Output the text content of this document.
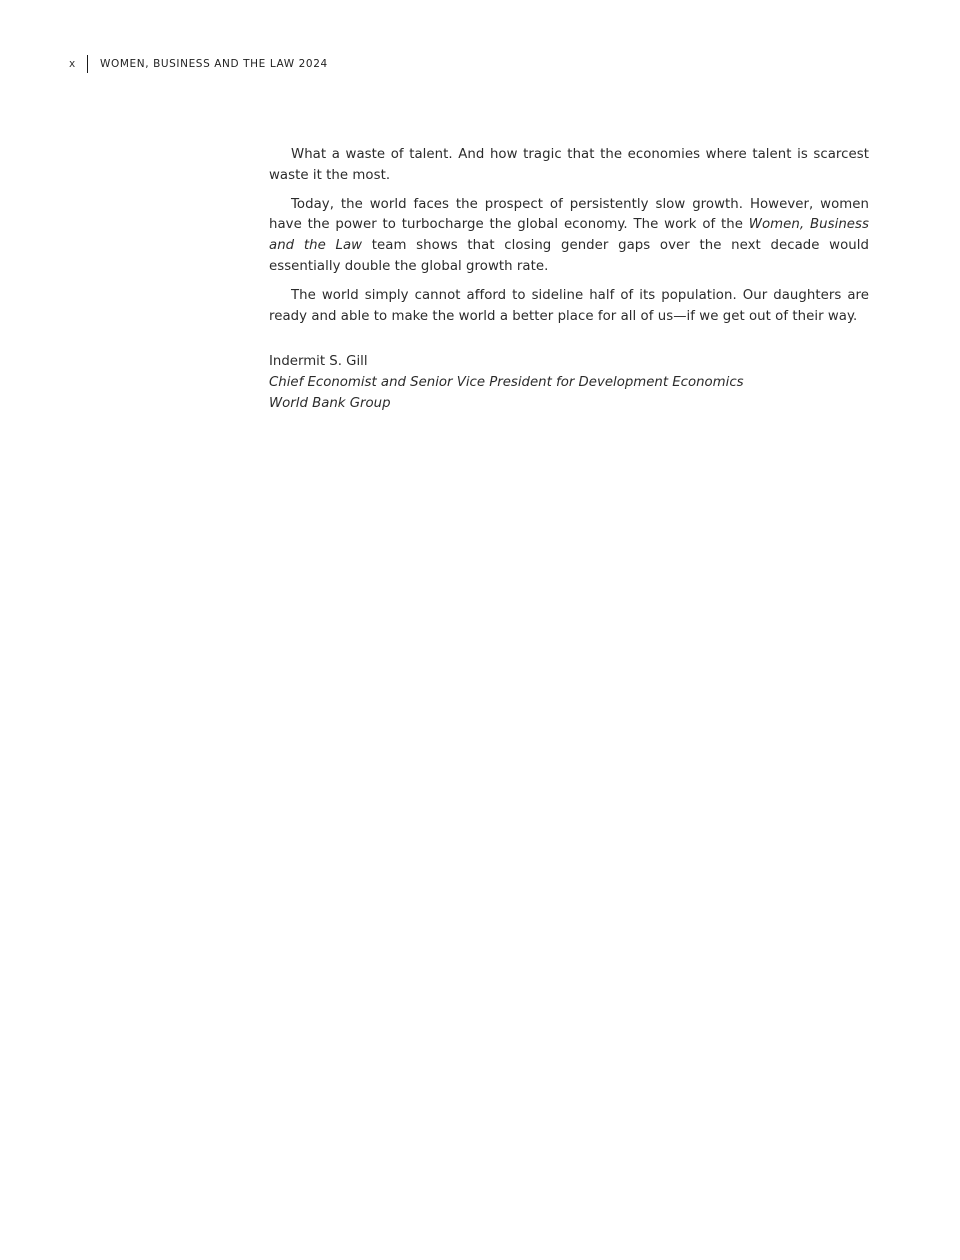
x	WOMEN, BUSINESS AND THE LAW 2024

What a waste of talent. And how tragic that the economies where talent is scarcest waste it the most.

Today, the world faces the prospect of persistently slow growth. However, women have the power to turbocharge the global economy. The work of the Women, Business and the Law team shows that closing gender gaps over the next decade would essentially double the global growth rate.

The world simply cannot afford to sideline half of its population. Our daughters are ready and able to make the world a better place for all of us—if we get out of their way.

Indermit S. Gill
Chief Economist and Senior Vice President for Development Economics
World Bank Group
